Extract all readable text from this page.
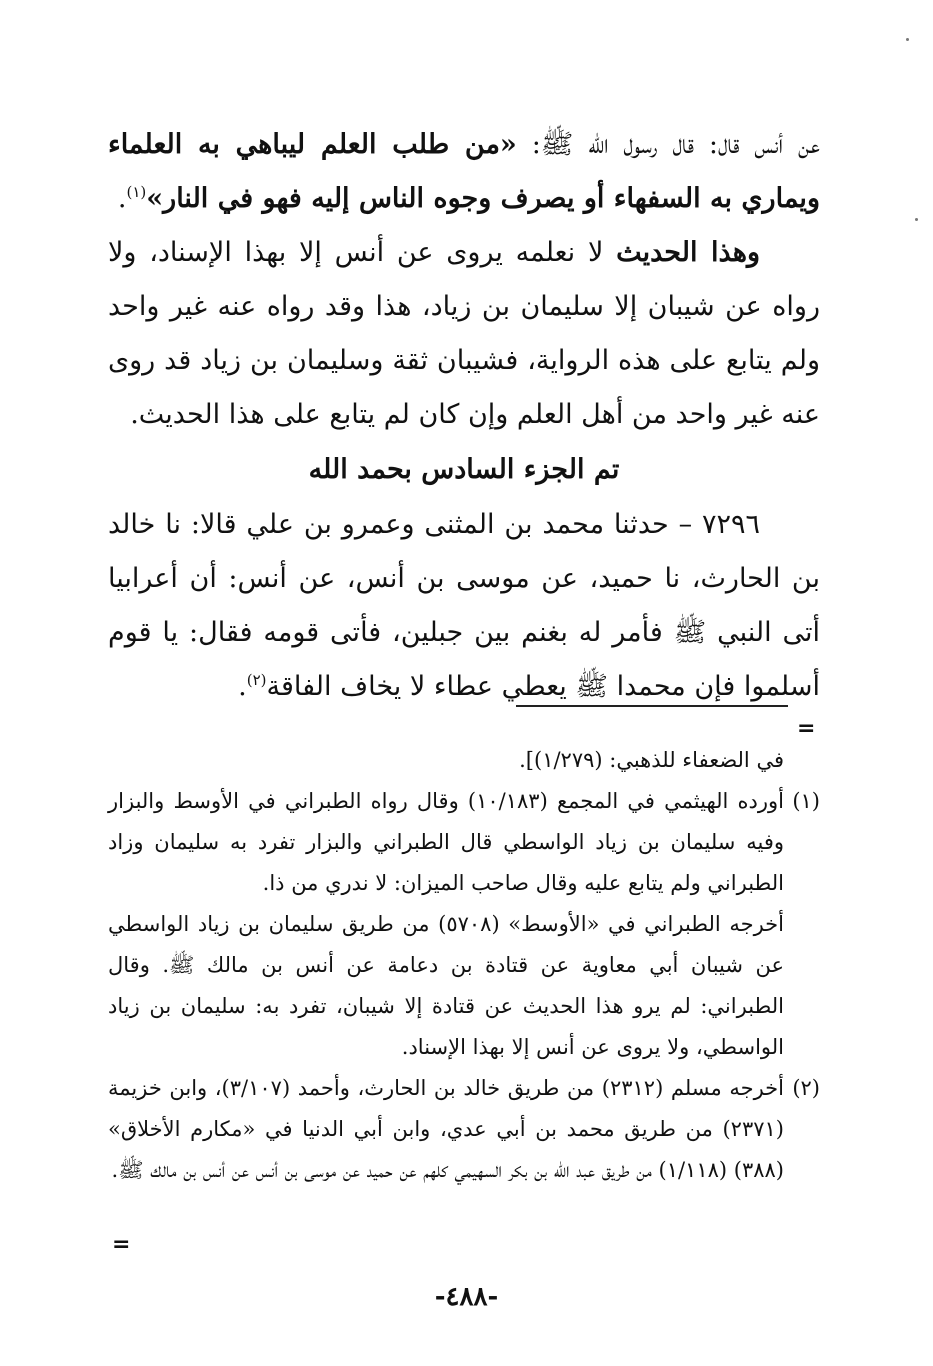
عن أنس قال: قال رسول الله ﷺ: «من طلب العلم ليباهي به العلماء ويماري به السفهاء أو يصرف وجوه الناس إليه فهو في النار»$^{(١)}$.

وهذا الحديث لا نعلمه يروى عن أنس إلا بهذا الإسناد، ولا رواه عن شيبان إلا سليمان بن زياد، هذا وقد رواه عنه غير واحد ولم يتابع على هذه الرواية، فشيبان ثقة وسليمان بن زياد قد روى عنه غير واحد من أهل العلم وإن كان لم يتابع على هذا الحديث.

تم الجزء السادس بحمد الله

٧٢٩٦ – حدثنا محمد بن المثنى وعمرو بن علي قالا: نا خالد بن الحارث، نا حميد، عن موسى بن أنس، عن أنس: أن أعرابيا أتى النبي ﷺ فأمر له بغنم بين جبلين، فأتى قومه فقال: يا قوم أسلموا فإن محمدا ﷺ يعطي عطاء لا يخاف الفاقة$^{(٢)}$.

=

في الضعفاء للذهبي: (١/٢٧٩)].

(١)

أورده الهيثمي في المجمع (١٠/١٨٣) وقال رواه الطبراني في الأوسط والبزار وفيه سليمان بن زياد الواسطي قال الطبراني والبزار تفرد به سليمان وزاد الطبراني ولم يتابع عليه وقال صاحب الميزان: لا ندري من ذا.

أخرجه الطبراني في «الأوسط» (٥٧٠٨) من طريق سليمان بن زياد الواسطي عن شيبان أبي معاوية عن قتادة بن دعامة عن أنس بن مالك ﷺ. وقال الطبراني: لم يرو هذا الحديث عن قتادة إلا شيبان، تفرد به: سليمان بن زياد الواسطي، ولا يروى عن أنس إلا بهذا الإسناد.

(٢)

أخرجه مسلم (٢٣١٢) من طريق خالد بن الحارث، وأحمد (٣/١٠٧)، وابن خزيمة (٢٣٧١) من طريق محمد بن أبي عدي، وابن أبي الدنيا في «مكارم الأخلاق» (٣٨٨) (١/١١٨) من طريق عبد الله بن بكر السهيمي كلهم عن حميد عن موسى بن أنس عن أنس بن مالك ﷺ.

=
-٤٨٨-
